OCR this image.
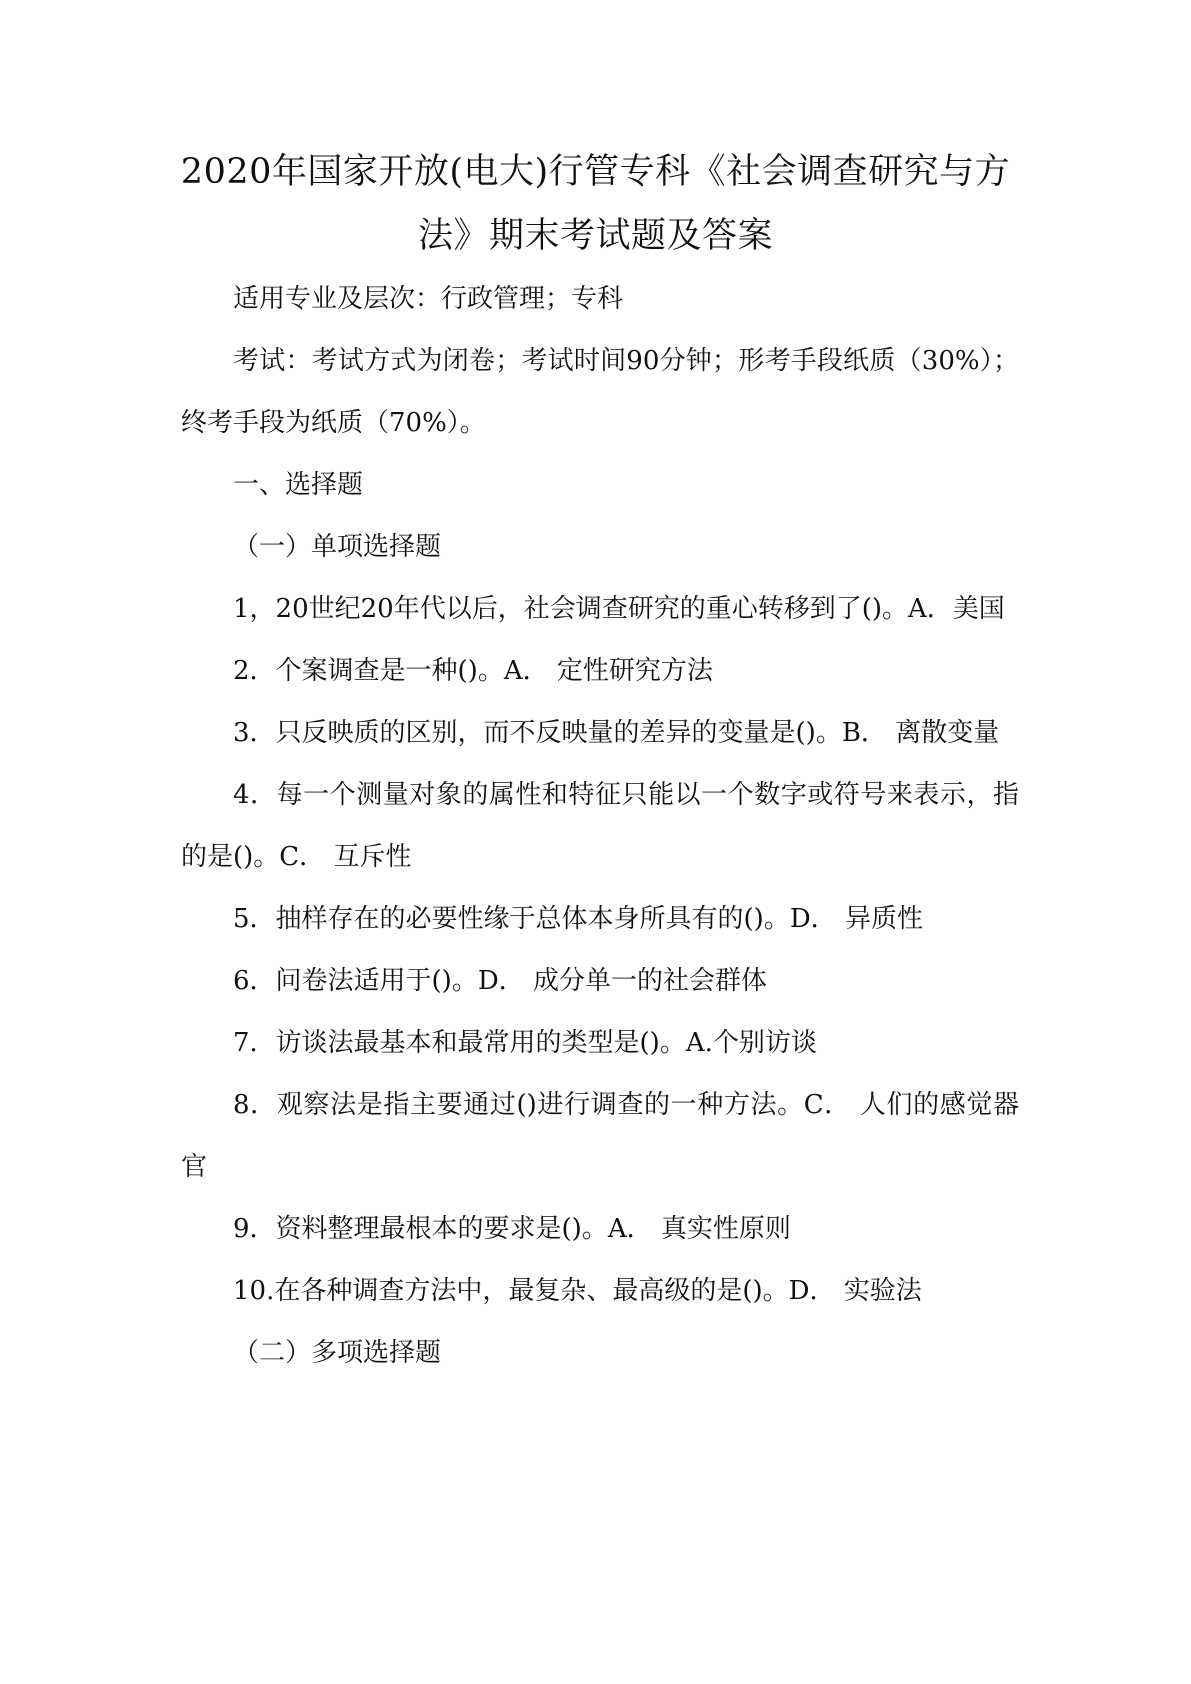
2020年国家开放(电大)行管专科《社会调查研究与方
法》期末考试题及答案

适用专业及层次：行政管理；专科

考试：考试方式为闭卷；考试时间90分钟；形考手段纸质（30%）；终考手段为纸质（70%）。

一、选择题

（一）单项选择题

1，20世纪20年代以后，社会调查研究的重心转移到了()。A．美国

2．个案调查是一种()。A． 定性研究方法

3．只反映质的区别，而不反映量的差异的变量是()。B． 离散变量

4．每一个测量对象的属性和特征只能以一个数字或符号来表示，指的是()。C． 互斥性

5．抽样存在的必要性缘于总体本身所具有的()。D． 异质性

6．问卷法适用于()。D． 成分单一的社会群体

7．访谈法最基本和最常用的类型是()。A.个别访谈

8．观察法是指主要通过()进行调查的一种方法。C． 人们的感觉器官

9．资料整理最根本的要求是()。A． 真实性原则

10.在各种调查方法中，最复杂、最高级的是()。D． 实验法

（二）多项选择题
